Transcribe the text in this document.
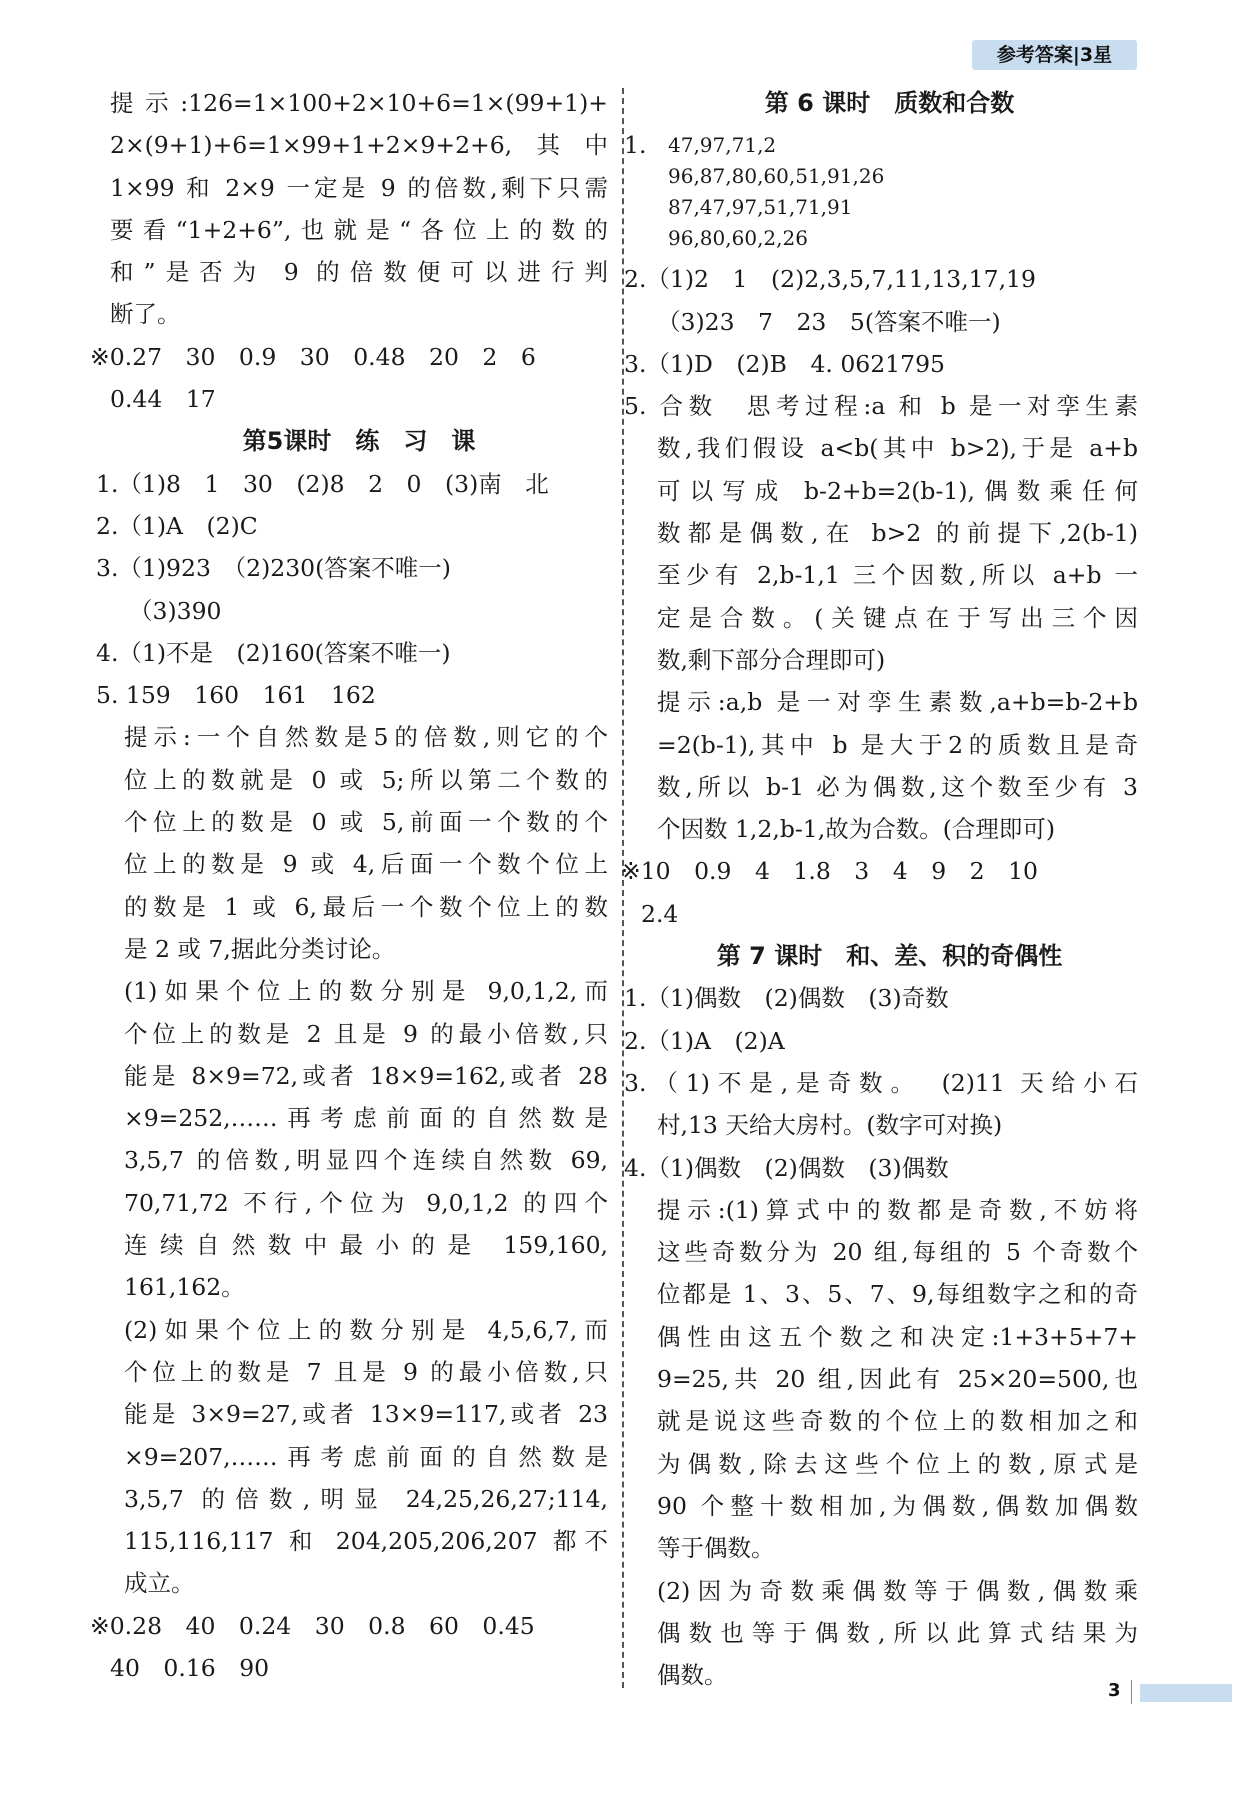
参考答案|3星
提示:126=1×100+2×10+6=1×(99+1)+
2×(9+1)+6=1×99+1+2×9+2+6,其中
1×99 和 2×9 一定是 9 的倍数,剩下只需
要看“1+2+6”,也就是“各位上的数的
和”是否为 9 的倍数便可以进行判
断了。
※0.27　30　0.9　30　0.48　20　2　6
0.44　17
第5课时　练　习　课
1.（1)8　1　30　(2)8　2　0　(3)南　北
2.（1)A　(2)C
3.（1)923　（2)230(答案不唯一)
（3)390
4.（1)不是　(2)160(答案不唯一)
5. 159　160　161　162
提示:一个自然数是5的倍数,则它的个
位上的数就是 0 或 5;所以第二个数的
个位上的数是 0 或 5,前面一个数的个
位上的数是 9 或 4,后面一个数个位上
的数是 1 或 6,最后一个数个位上的数
是 2 或 7,据此分类讨论。
(1)如果个位上的数分别是 9,0,1,2,而
个位上的数是 2 且是 9 的最小倍数,只
能是 8×9=72,或者 18×9=162,或者 28
×9=252,……再考虑前面的自然数是
3,5,7 的倍数,明显四个连续自然数 69,
70,71,72 不行,个位为 9,0,1,2 的四个
连续自然数中最小的是 159,160,
161,162。
(2)如果个位上的数分别是 4,5,6,7,而
个位上的数是 7 且是 9 的最小倍数,只
能是 3×9=27,或者 13×9=117,或者 23
×9=207,……再考虑前面的自然数是
3,5,7 的倍数,明显 24,25,26,27;114,
115,116,117 和 204,205,206,207 都不
成立。
※0.28　40　0.24　30　0.8　60　0.45
40　0.16　90
第 6 课时　质数和合数
1. 47,97,71,2
96,87,80,60,51,91,26
87,47,97,51,71,91
96,80,60,2,26
2.（1)2　1　(2)2,3,5,7,11,13,17,19
（3)23　7　23　5(答案不唯一)
3.（1)D　(2)B　4. 0621795
5. 合数　思考过程:a 和 b 是一对孪生素
数,我们假设 a<b(其中 b>2),于是 a+b
可以写成 b-2+b=2(b-1),偶数乘任何
数都是偶数,在 b>2 的前提下,2(b-1)
至少有 2,b-1,1 三个因数,所以 a+b 一
定是合数。(关键点在于写出三个因
数,剩下部分合理即可)
提示:a,b 是一对孪生素数,a+b=b-2+b
=2(b-1),其中 b 是大于2的质数且是奇
数,所以 b-1 必为偶数,这个数至少有 3
个因数 1,2,b-1,故为合数。(合理即可)
※10　0.9　4　1.8　3　4　9　2　10
2.4
第 7 课时　和、差、积的奇偶性
1.（1)偶数　(2)偶数　(3)奇数
2.（1)A　(2)A
3.（1)不是,是奇数。　(2)11 天给小石
村,13 天给大房村。(数字可对换)
4.（1)偶数　(2)偶数　(3)偶数
提示:(1)算式中的数都是奇数,不妨将
这些奇数分为 20 组,每组的 5 个奇数个
位都是 1、3、5、7、9,每组数字之和的奇
偶性由这五个数之和决定:1+3+5+7+
9=25,共 20 组,因此有 25×20=500,也
就是说这些奇数的个位上的数相加之和
为偶数,除去这些个位上的数,原式是
90 个整十数相加,为偶数,偶数加偶数
等于偶数。
(2)因为奇数乘偶数等于偶数,偶数乘
偶数也等于偶数,所以此算式结果为
偶数。
3
